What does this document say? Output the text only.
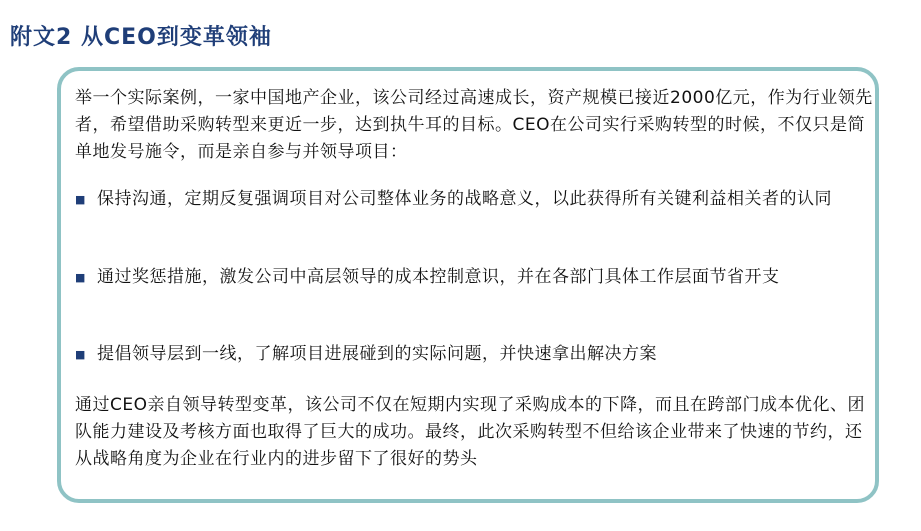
附文2 从CEO到变革领袖
举一个实际案例，一家中国地产企业，该公司经过高速成长，资产规模已接近2000亿元，作为行业领先者，希望借助采购转型来更近一步，达到执牛耳的目标。CEO在公司实行采购转型的时候，不仅只是简单地发号施令，而是亲自参与并领导项目：
■ 保持沟通，定期反复强调项目对公司整体业务的战略意义，以此获得所有关键利益相关者的认同
■ 通过奖惩措施，激发公司中高层领导的成本控制意识，并在各部门具体工作层面节省开支
■ 提倡领导层到一线，了解项目进展碰到的实际问题，并快速拿出解决方案
通过CEO亲自领导转型变革，该公司不仅在短期内实现了采购成本的下降，而且在跨部门成本优化、团队能力建设及考核方面也取得了巨大的成功。最终，此次采购转型不但给该企业带来了快速的节约，还从战略角度为企业在行业内的进步留下了很好的势头
